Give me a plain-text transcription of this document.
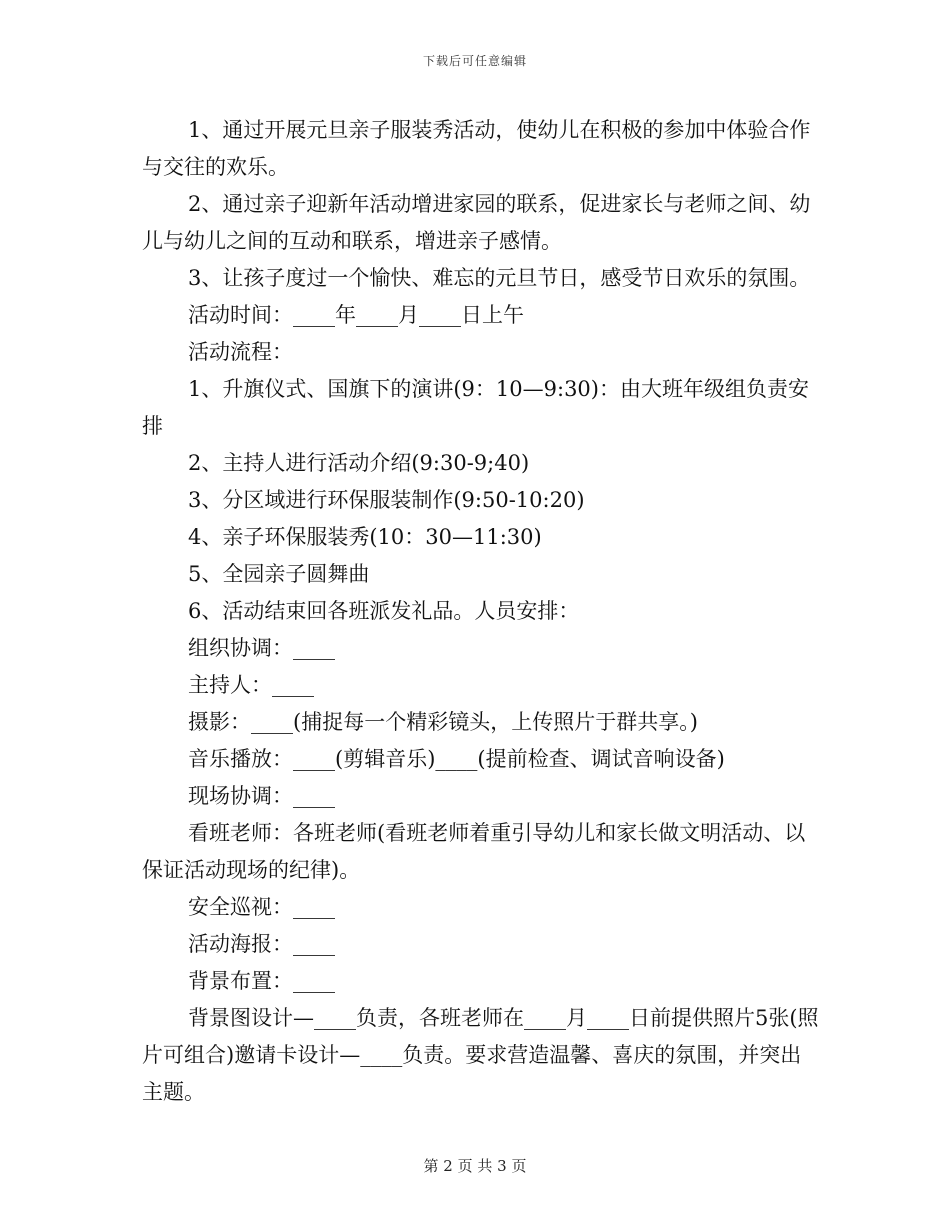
下载后可任意编辑

1、通过开展元旦亲子服装秀活动，使幼儿在积极的参加中体验合作与交往的欢乐。

2、通过亲子迎新年活动增进家园的联系，促进家长与老师之间、幼儿与幼儿之间的互动和联系，增进亲子感情。

3、让孩子度过一个愉快、难忘的元旦节日，感受节日欢乐的氛围。

活动时间：____年____月____日上午

活动流程：

1、升旗仪式、国旗下的演讲(9：10—9:30)：由大班年级组负责安排

2、主持人进行活动介绍(9:30-9;40)

3、分区域进行环保服装制作(9:50-10:20)

4、亲子环保服装秀(10：30—11:30)

5、全园亲子圆舞曲

6、活动结束回各班派发礼品。人员安排：

组织协调：____

主持人：____

摄影：____(捕捉每一个精彩镜头，上传照片于群共享。)

音乐播放：____(剪辑音乐)____(提前检查、调试音响设备)

现场协调：____

看班老师：各班老师(看班老师着重引导幼儿和家长做文明活动、以保证活动现场的纪律)。

安全巡视：____

活动海报：____

背景布置：____

背景图设计—____负责，各班老师在____月____日前提供照片5张(照片可组合)邀请卡设计—____负责。要求营造温馨、喜庆的氛围，并突出主题。

第 2 页 共 3 页
